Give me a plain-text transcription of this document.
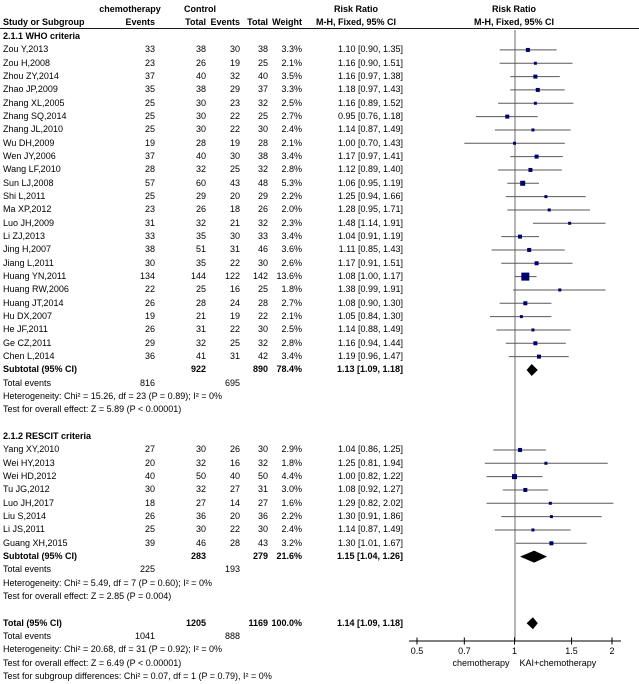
chemotherapy	Control	Risk Ratio	Risk Ratio
Study or Subgroup	Events	Total Events Total Weight M-H, Fixed, 95% CI	M-H, Fixed, 95% CI
2.1.1 WHO criteria
Zou Y,2013	33	38	30 38 3.3%	1.10 [0.90, 1.35]
Zou H,2008	23	26	19 25 2.1%	1.16 [0.90, 1.51]
Zhou ZY,2014	37	40	32 40 3.5%	1.16 [0.97, 1.38]
Zhao JP,2009	35	38	29 37 3.3%	1.18 [0.97, 1.43]
Zhang XL,2005	25	30	23 32 2.5%	1.16 [0.89, 1.52]
Zhang SQ,2014	25	30	22 25 2.7%	0.95 [0.76, 1.18]
Zhang JL,2010	25	30	22 30 2.4%	1.14 [0.87, 1.49]
Wu DH,2009	19	28	19 28 2.1%	1.00 [0.70, 1.43]
Wen JY,2006	37	40	30 38 3.4%	1.17 [0.97, 1.41]
Wang LF,2010	28	32	25 32 2.8%	1.12 [0.89, 1.40]
Sun LJ,2008	57	60	43 48 5.3%	1.06 [0.95, 1.19]
Shi L,2011	25	29	20 29 2.2%	1.25 [0.94, 1.66]
Ma XP,2012	23	26	18 26 2.0%	1.28 [0.95, 1.71]
Luo JH,2009	31	32	21 32 2.3%	1.48 [1.14, 1.91]
Li ZJ,2013	33	35	30 33 3.4%	1.04 [0.91, 1.19]
Jing H,2007	38	51	31 46 3.6%	1.11 [0.85, 1.43]
Jiang L,2011	30	35	22 30 2.6%	1.17 [0.91, 1.51]
Huang YN,2011	134	144 122 142 13.6%	1.08 [1.00, 1.17]
Huang RW,2006	22	25	16 25 1.8%	1.38 [0.99, 1.91]
Huang JT,2014	26	28	24 28 2.7%	1.08 [0.90, 1.30]
Hu DX,2007	19	21	19 22 2.1%	1.05 [0.84, 1.30]
He JF,2011	26	31	22 30 2.5%	1.14 [0.88, 1.49]
Ge CZ,2011	29	32	25 32 2.8%	1.16 [0.94, 1.44]
Chen L,2014	36	41	31 42 3.4%	1.19 [0.96, 1.47]
Subtotal (95% CI)	922	890 78.4%	1.13 [1.09, 1.18]
Total events	816	695
Heterogeneity: Chi² = 15.26, df = 23 (P = 0.89); I² = 0%
Test for overall effect: Z = 5.89 (P < 0.00001)
2.1.2 RESCIT criteria
Yang XY,2010	27	30	26 30 2.9%	1.04 [0.86, 1.25]
Wei HY,2013	20	32	16 32 1.8%	1.25 [0.81, 1.94]
Wei HD,2012	40	50	40 50 4.4%	1.00 [0.82, 1.22]
Tu JG,2012	30	32	27 31 3.0%	1.08 [0.92, 1.27]
Luo JH,2017	18	27	14 27 1.6%	1.29 [0.82, 2.02]
Liu S,2014	26	36	20 36 2.2%	1.30 [0.91, 1.86]
Li JS,2011	25	30	22 30 2.4%	1.14 [0.87, 1.49]
Guang XH,2015	39	46	28 43 3.2%	1.30 [1.01, 1.67]
Subtotal (95% CI)	283	279 21.6%	1.15 [1.04, 1.26]
Total events	225	193
Heterogeneity: Chi² = 5.49, df = 7 (P = 0.60); I² = 0%
Test for overall effect: Z = 2.85 (P = 0.004)
Total (95% CI)	1205	1169 100.0%	1.14 [1.09, 1.18]
Total events	1041	888
Heterogeneity: Chi² = 20.68, df = 31 (P = 0.92); I² = 0%
Test for overall effect: Z = 6.49 (P < 0.00001)
Test for subgroup differences: Chi² = 0.07, df = 1 (P = 0.79), I² = 0%
0.5	0.7	1	1.5	2
chemotherapy KAI+chemotherapy
